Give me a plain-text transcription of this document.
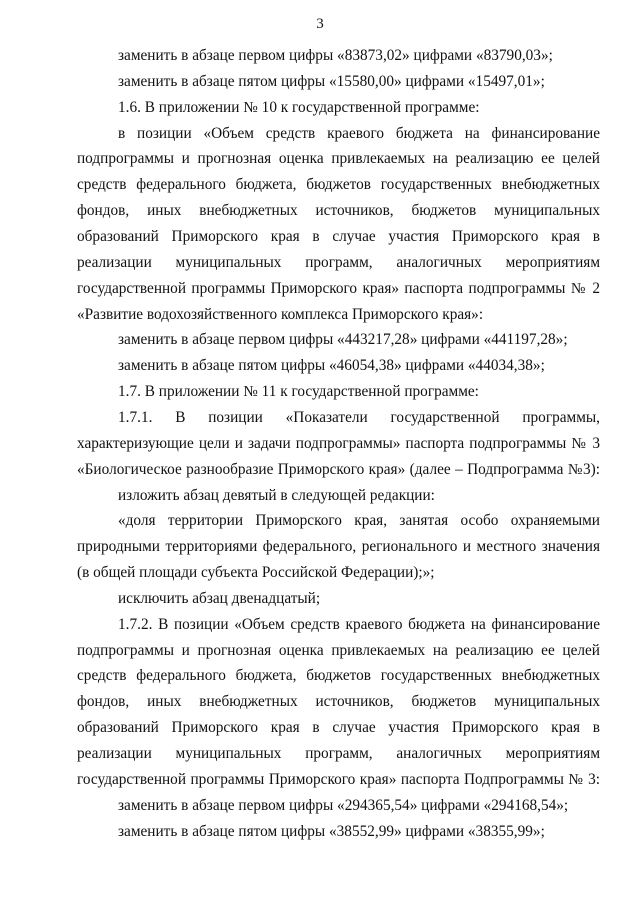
3
заменить в абзаце первом цифры «83873,02» цифрами «83790,03»;
заменить в абзаце пятом цифры «15580,00» цифрами «15497,01»;
1.6. В приложении № 10 к государственной программе:
в позиции «Объем средств краевого бюджета на финансирование
подпрограммы и прогнозная оценка привлекаемых на реализацию ее целей
средств федерального бюджета, бюджетов государственных внебюджетных
фондов, иных внебюджетных источников, бюджетов муниципальных
образований Приморского края в случае участия Приморского края в
реализации муниципальных программ, аналогичных мероприятиям
государственной программы Приморского края» паспорта подпрограммы № 2
«Развитие водохозяйственного комплекса Приморского края»:
заменить в абзаце первом цифры «443217,28» цифрами «441197,28»;
заменить в абзаце пятом цифры «46054,38» цифрами «44034,38»;
1.7. В приложении № 11 к государственной программе:
1.7.1. В позиции «Показатели государственной программы,
характеризующие цели и задачи подпрограммы» паспорта подпрограммы № 3
«Биологическое разнообразие Приморского края» (далее – Подпрограмма №3):
изложить абзац девятый в следующей редакции:
«доля территории Приморского края, занятая особо охраняемыми
природными территориями федерального, регионального и местного значения
(в общей площади субъекта Российской Федерации);»;
исключить абзац двенадцатый;
1.7.2. В позиции «Объем средств краевого бюджета на финансирование
подпрограммы и прогнозная оценка привлекаемых на реализацию ее целей
средств федерального бюджета, бюджетов государственных внебюджетных
фондов, иных внебюджетных источников, бюджетов муниципальных
образований Приморского края в случае участия Приморского края в
реализации муниципальных программ, аналогичных мероприятиям
государственной программы Приморского края» паспорта Подпрограммы № 3:
заменить в абзаце первом цифры «294365,54» цифрами «294168,54»;
заменить в абзаце пятом цифры «38552,99» цифрами «38355,99»;
